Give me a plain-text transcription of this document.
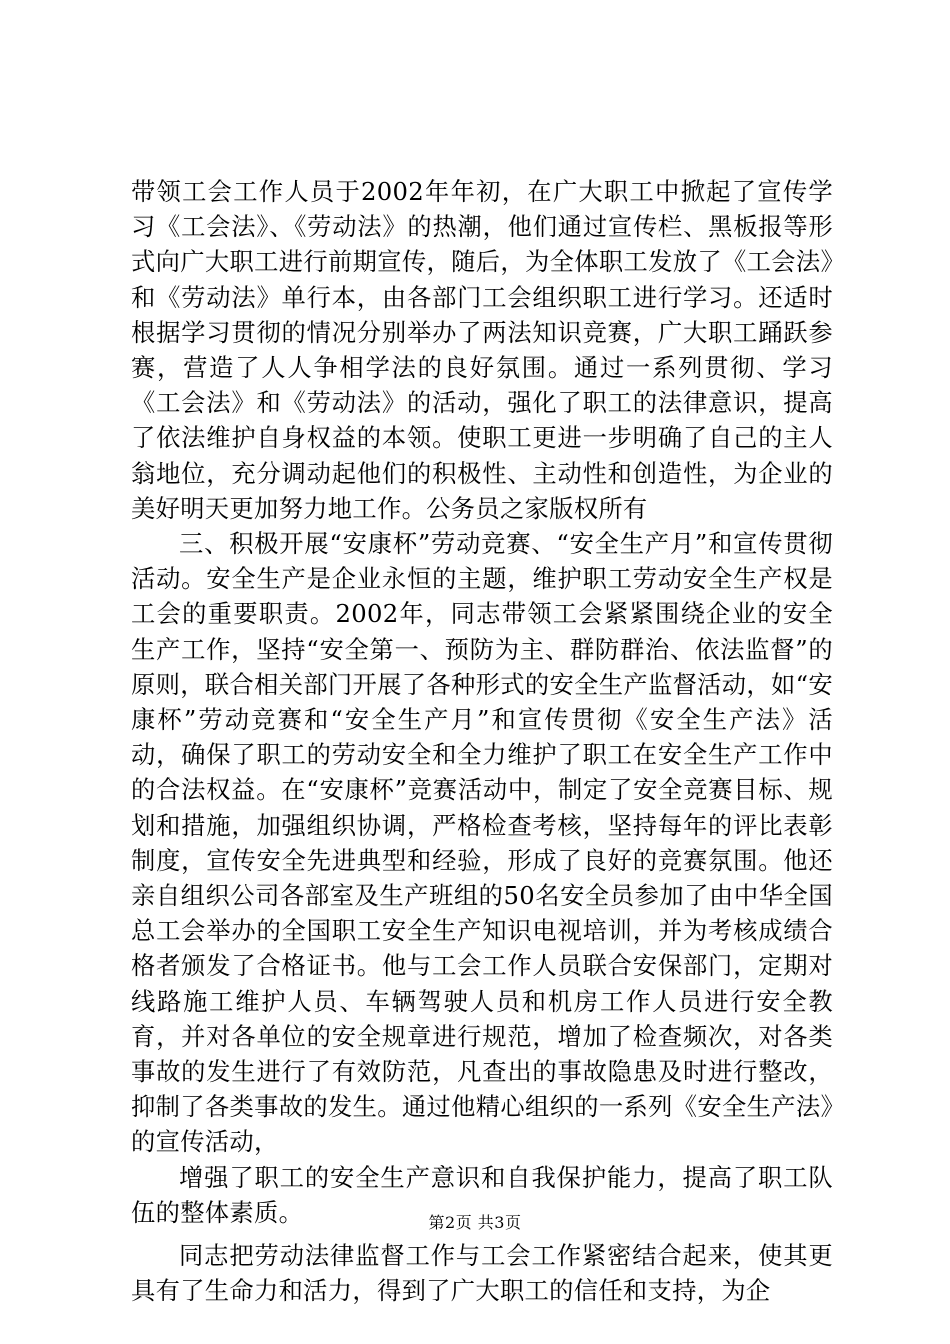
带领工会工作人员于2002年年初，在广大职工中掀起了宣传学习《工会法》、《劳动法》的热潮，他们通过宣传栏、黑板报等形式向广大职工进行前期宣传，随后，为全体职工发放了《工会法》和《劳动法》单行本，由各部门工会组织职工进行学习。还适时根据学习贯彻的情况分别举办了两法知识竞赛，广大职工踊跃参赛，营造了人人争相学法的良好氛围。通过一系列贯彻、学习《工会法》和《劳动法》的活动，强化了职工的法律意识，提高了依法维护自身权益的本领。使职工更进一步明确了自己的主人翁地位，充分调动起他们的积极性、主动性和创造性，为企业的美好明天更加努力地工作。公务员之家版权所有

三、积极开展“安康杯”劳动竞赛、“安全生产月”和宣传贯彻活动。安全生产是企业永恒的主题，维护职工劳动安全生产权是工会的重要职责。2002年，同志带领工会紧紧围绕企业的安全生产工作，坚持“安全第一、预防为主、群防群治、依法监督”的原则，联合相关部门开展了各种形式的安全生产监督活动，如“安康杯”劳动竞赛和“安全生产月”和宣传贯彻《安全生产法》活动，确保了职工的劳动安全和全力维护了职工在安全生产工作中的合法权益。在“安康杯”竞赛活动中，制定了安全竞赛目标、规划和措施，加强组织协调，严格检查考核，坚持每年的评比表彰制度，宣传安全先进典型和经验，形成了良好的竞赛氛围。他还亲自组织公司各部室及生产班组的50名安全员参加了由中华全国总工会举办的全国职工安全生产知识电视培训，并为考核成绩合格者颁发了合格证书。他与工会工作人员联合安保部门，定期对线路施工维护人员、车辆驾驶人员和机房工作人员进行安全教育，并对各单位的安全规章进行规范，增加了检查频次，对各类事故的发生进行了有效防范，凡查出的事故隐患及时进行整改，抑制了各类事故的发生。通过他精心组织的一系列《安全生产法》的宣传活动，

增强了职工的安全生产意识和自我保护能力，提高了职工队伍的整体素质。

同志把劳动法律监督工作与工会工作紧密结合起来，使其更具有了生命力和活力，得到了广大职工的信任和支持，为企

第2页 共3页
